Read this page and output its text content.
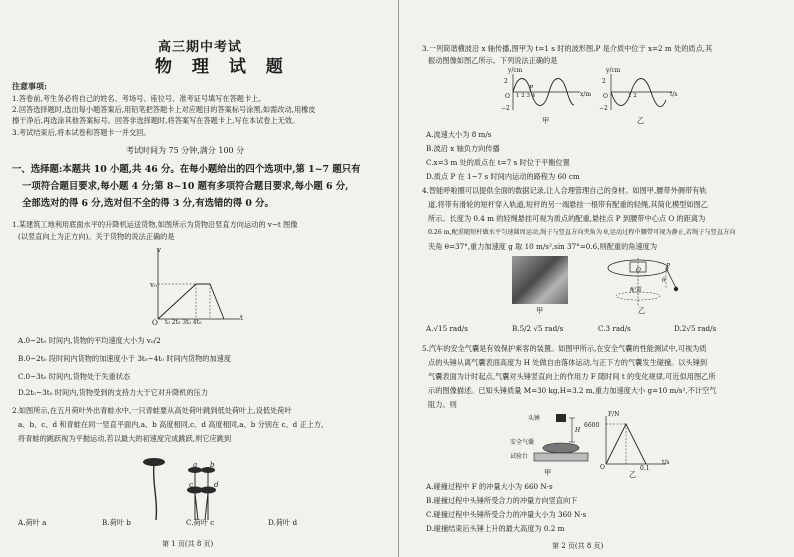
高三期中考试
物 理 试 题
注意事项:
1.答卷前,考生务必将自己的姓名、考场号、座位号、准考证号填写在答题卡上。
2.回答选择题时,选出每小题答案后,用铅笔把答题卡上对应题目的答案标号涂黑,如需改动,用橡皮
擦干净后,再选涂其他答案标号。回答非选择题时,将答案写在答题卡上,写在本试卷上无效。
3.考试结束后,将本试卷和答题卡一并交回。
考试时间为 75 分钟,满分 100 分
一、选择题:本题共 10 小题,共 46 分。在每小题给出的四个选项中,第 1~7 题只有
一项符合题目要求,每小题 4 分;第 8~10 题有多项符合题目要求,每小题 6 分,
全部选对的得 6 分,选对但不全的得 3 分,有选错的得 0 分。
1.某建筑工地利用底面水平的升降机运送货物,如图所示为货物沿竖直方向运动的 v−t 图像
(以竖直向上为正方向)。关于货物的说法正确的是
v
v₀
O t₀ 2t₀ 3t₀ 4t₀
t
A.0~2t₀ 时间内,货物的平均速度大小为 v₀/2
B.0~2t₀ 段时间内货物的加速度小于 3t₀~4t₀ 时间内货物的加速度
C.0~3t₀ 时间内,货物处于失重状态
D.2t₀~3t₀ 时间内,货物受到的支持力大于它对升降机的压力
2.如图所示,在五月荷叶外出青蛙水中,一只青蛙要从高处荷叶跳到低处荷叶上,设低处荷叶
a、b、c、d 和青蛙在同一竖直平面内,a、b 高度相同,c、d 高度相同,a、b 分别在 c、d 正上方,
将青蛙的跳跃视为平抛运动,若以最大的初速度完成跳跃,则它应跳到
a b
c	d
A.荷叶 a	B.荷叶 b	C.荷叶 c	D.荷叶 d
第 1 页(共 8 页)
3.一列简谐横波沿 x 轴传播,图甲为 t=1 s 时的波形图,P 是介质中位于 x=2 m 处的质点,其
振动图像如图乙所示。下列说法正确的是
y/cm
2
−2
P
O 1 2 3 4	x/m
甲
y/cm
2
−2
O	1 2	t/s
乙
A.波速大小为 8 m/s
B.波沿 x 轴负方向传播
C.x=3 m 处的质点在 t=7 s 时位于平衡位置
D.质点 P 在 1~7 s 时间内运动的路程为 60 cm
4.智能呼啦圈可以提供全面的数据记录,让人合理管理自己的身材。如图甲,腰带外侧带有轨
道,将带有滑轮的短杆穿入轨道,短杆的另一端悬挂一根带有配重的轻绳,其简化模型如图乙
所示。长度为 0.4 m 的轻绳悬挂可视为质点的配重,悬挂点 P 到腰带中心点 O 的距离为
0.26 m,配重随短杆做水平匀速圆周运动,绳子与竖直方向夹角为 θ,运动过程中腰带可视为静止,若绳子与竖直方向
夹角 θ=37°,重力加速度 g 取 10 m/s²,sin 37°=0.6,则配重的角速度为
甲
O
P
θ
配重
乙
A.√15 rad/s	B.5/2 √5 rad/s	C.3 rad/s	D.2√5 rad/s
5.汽车的安全气囊是有效保护乘客的装置。如图甲所示,在安全气囊的性能测试中,可视为质
点的头锤从离气囊表面高度为 H 处做自由落体运动,与正下方的气囊发生碰撞。以头锤到
气囊表面为计时起点,气囊对头锤竖直向上的作用力 F 随时间 t 的变化规律,可近似用图乙所
示的图像描述。已知头锤质量 M=30 kg,H=3.2 m,重力加速度大小 g=10 m/s²,不计空气
阻力。则
头锤
H
安全气囊
试验台
甲
F/N
6600
O	0.1
t/s
乙
A.碰撞过程中 F 的冲量大小为 660 N·s
B.碰撞过程中头锤所受合力的冲量方向竖直向下
C.碰撞过程中头锤所受合力的冲量大小为 360 N·s
D.碰撞结束后头锤上升的最大高度为 0.2 m
第 2 页(共 8 页)
